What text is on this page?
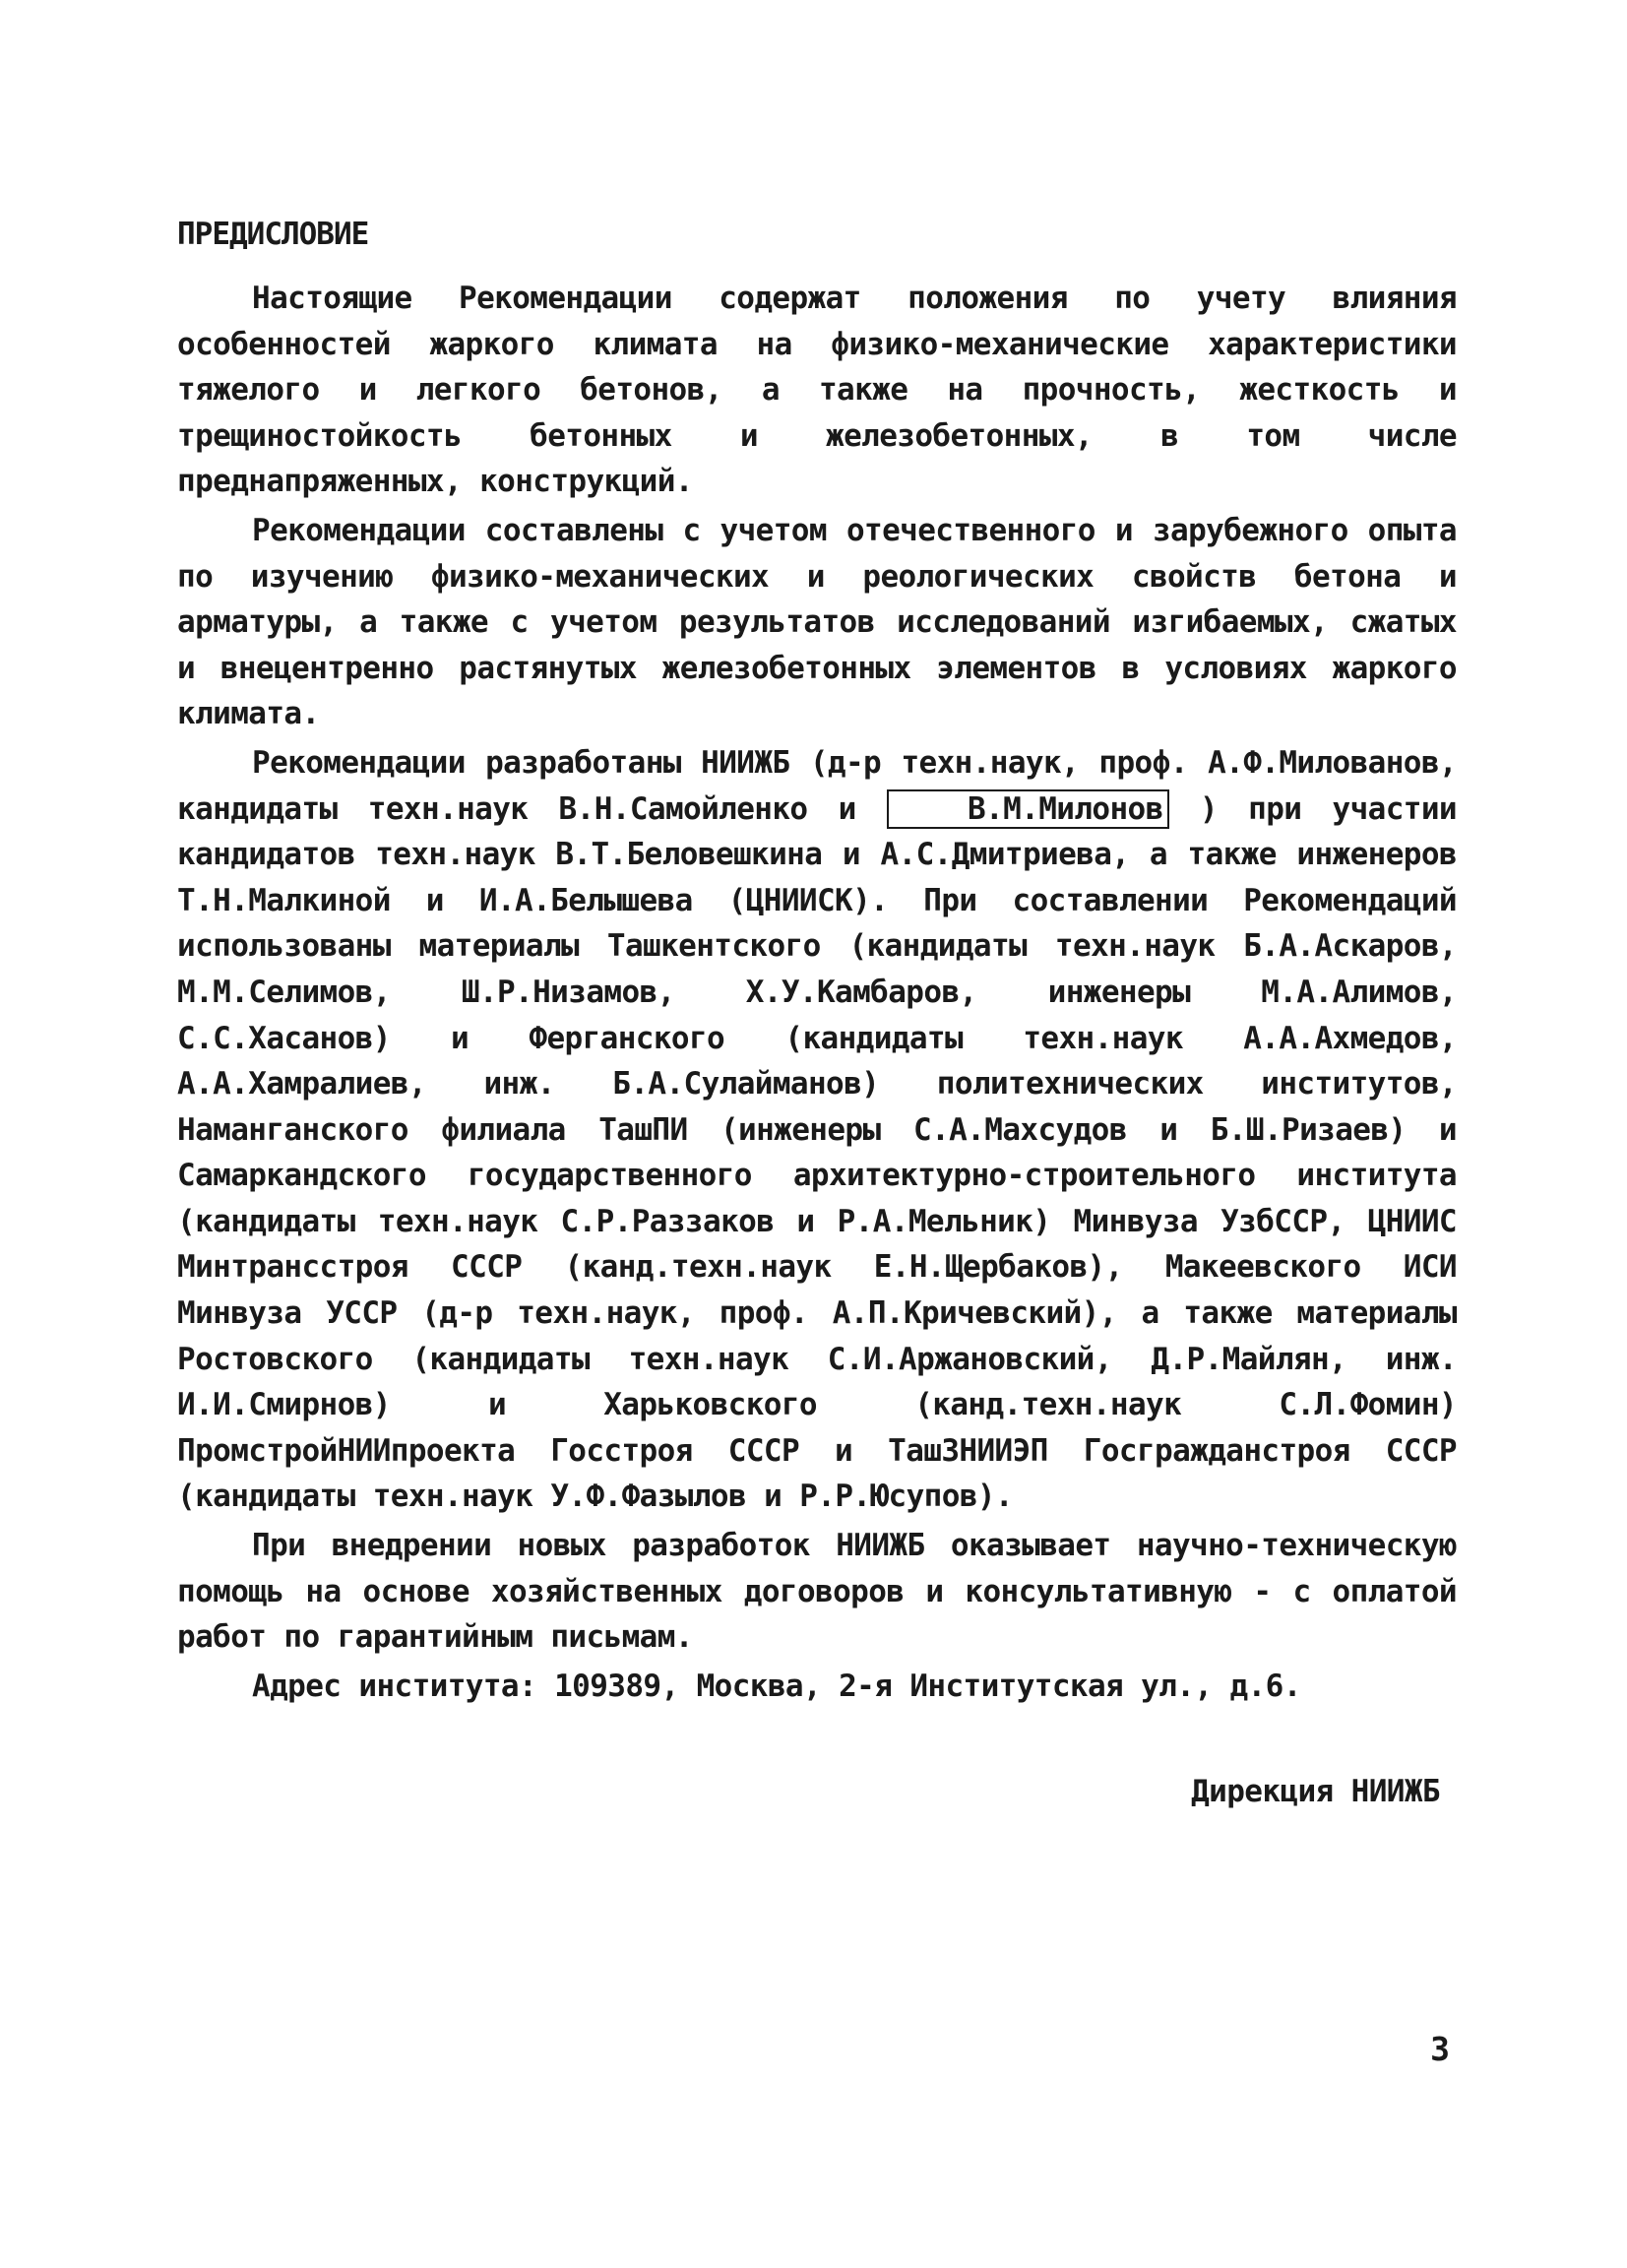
ПРЕДИСЛОВИЕ

Настоящие Рекомендации содержат положения по учету влияния особенностей жаркого климата на физико-механические характеристики тяжелого и легкого бетонов, а также на прочность, жесткость и трещиностойкость бетонных и железобетонных, в том числе преднапряженных, конструкций.

Рекомендации составлены с учетом отечественного и зарубежного опыта по изучению физико-механических и реологических свойств бетона и арматуры, а также с учетом результатов исследований изгибаемых, сжатых и внецентренно растянутых железобетонных элементов в условиях жаркого климата.

Рекомендации разработаны НИИЖБ (д-р техн.наук, проф. А.Ф.Милованов, кандидаты техн.наук В.Н.Самойленко и	В.М.Милонов ) при участии кандидатов техн.наук В.Т.Беловешкина и А.С.Дмитриева, а также инженеров Т.Н.Малкиной и И.А.Белышева (ЦНИИСК). При составлении Рекомендаций использованы материалы Ташкентского (кандидаты техн.наук Б.А.Аскаров, М.М.Селимов, Ш.Р.Низамов, Х.У.Камбаров, инженеры М.А.Алимов, С.С.Хасанов) и Ферганского (кандидаты техн.наук А.А.Ахмедов, А.А.Хамралиев, инж. Б.А.Сулайманов) политехнических институтов, Наманганского филиала ТашПИ (инженеры С.А.Махсудов и Б.Ш.Ризаев) и Самаркандского государственного архитектурно-строительного института (кандидаты техн.наук С.Р.Раззаков и Р.А.Мельник) Минвуза УзбССР, ЦНИИС Минтрансстроя СССР (канд.техн.наук Е.Н.Щербаков), Макеевского ИСИ Минвуза УССР (д-р техн.наук, проф. А.П.Кричевский), а также материалы Ростовского (кандидаты техн.наук С.И.Аржановский, Д.Р.Майлян, инж. И.И.Смирнов) и Харьковского (канд.техн.наук С.Л.Фомин) ПромстройНИИпроекта Госстроя СССР и ТашЗНИИЭП Госгражданстроя СССР (кандидаты техн.наук У.Ф.Фазылов и Р.Р.Юсупов).

При внедрении новых разработок НИИЖБ оказывает научно-техническую помощь на основе хозяйственных договоров и консультативную - с оплатой работ по гарантийным письмам.

Адрес института: 109389, Москва, 2-я Институтская ул., д.6.

Дирекция НИИЖБ
3
